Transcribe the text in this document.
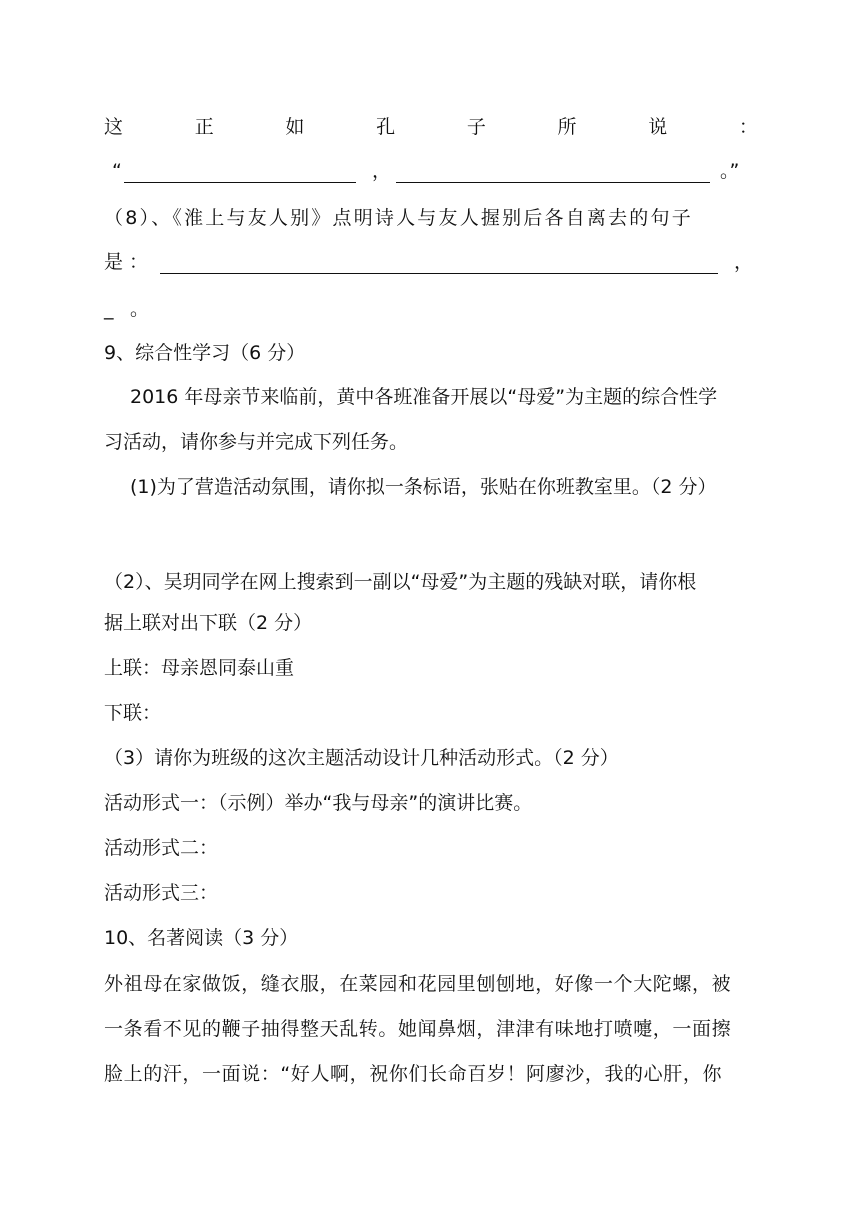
这	正	如	孔	子	所	说	：
“	，	。”
（8）、《淮上与友人别》点明诗人与友人握别后各自离去的句子
是 ：	，
_ 。
9、综合性学习（6 分）
2016 年母亲节来临前，黄中各班准备开展以“母爱”为主题的综合性学
习活动，请你参与并完成下列任务。
(1)为了营造活动氛围，请你拟一条标语，张贴在你班教室里。（2 分）
（2）、吴玥同学在网上搜索到一副以“母爱”为主题的残缺对联，请你根
据上联对出下联（2 分）
上联：母亲恩同泰山重
下联：
（3）请你为班级的这次主题活动设计几种活动形式。（2 分）
活动形式一：（示例）举办“我与母亲”的演讲比赛。
活动形式二：
活动形式三：
10、名著阅读（3 分）
外祖母在家做饭，缝衣服，在菜园和花园里刨刨地，好像一个大陀螺，被
一条看不见的鞭子抽得整天乱转。她闻鼻烟，津津有味地打喷嚏，一面擦
脸上的汗，一面说：“好人啊，祝你们长命百岁！阿廖沙，我的心肝，你
